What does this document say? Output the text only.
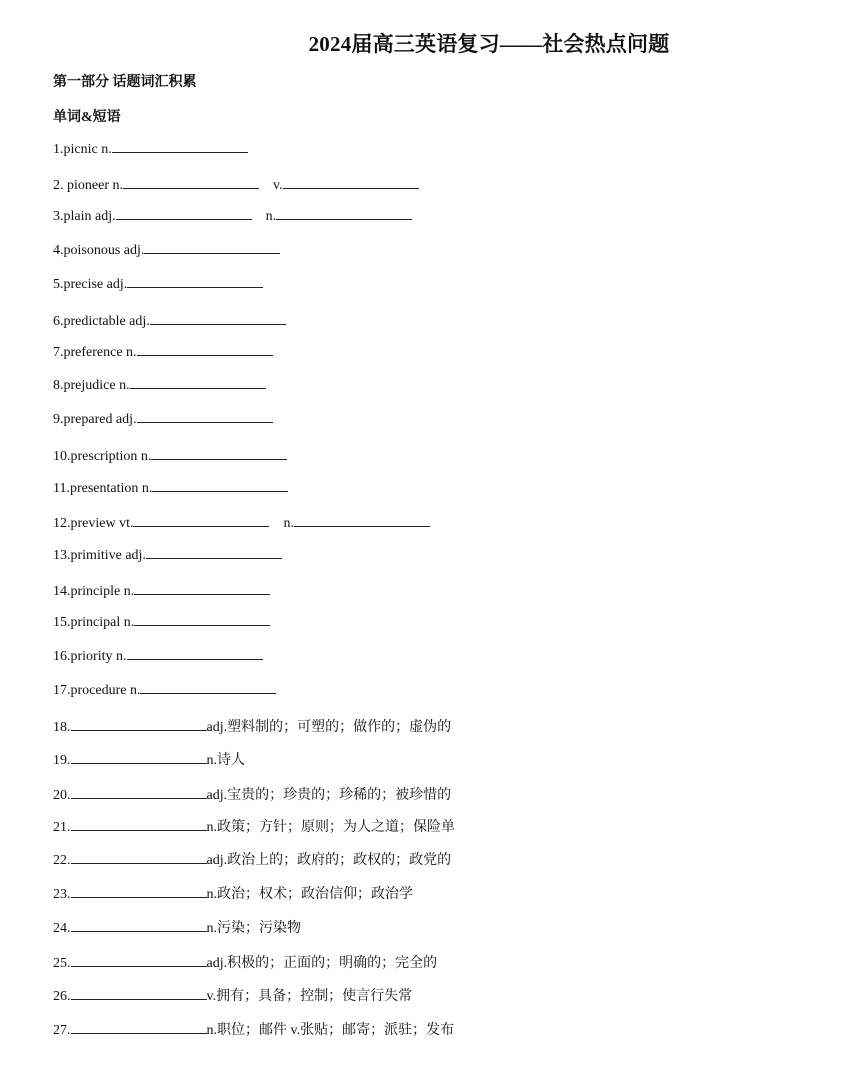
2024届高三英语复习——社会热点问题
第一部分 话题词汇积累
单词&短语
1.picnic n.
2. pioneer n.	v.
3.plain adj.	n.
4.poisonous adj.
5.precise adj.
6.predictable adj.
7.preference n.
8.prejudice n.
9.prepared adj.
10.prescription n.
11.presentation n.
12.preview vt.	n.
13.primitive adj.
14.principle n.
15.principal n.
16.priority n.
17.procedure n.
18.	adj.塑料制的；可塑的；做作的；虚伪的
19.	n.诗人
20.	adj.宝贵的；珍贵的；珍稀的；被珍惜的
21.	n.政策；方针；原则；为人之道；保险单
22.	adj.政治上的；政府的；政权的；政党的
23.	n.政治；权术；政治信仰；政治学
24.	n.污染；污染物
25.	adj.积极的；正面的；明确的；完全的
26.	v.拥有；具备；控制；使言行失常
27.	n.职位；邮件 v.张贴；邮寄；派驻；发布
